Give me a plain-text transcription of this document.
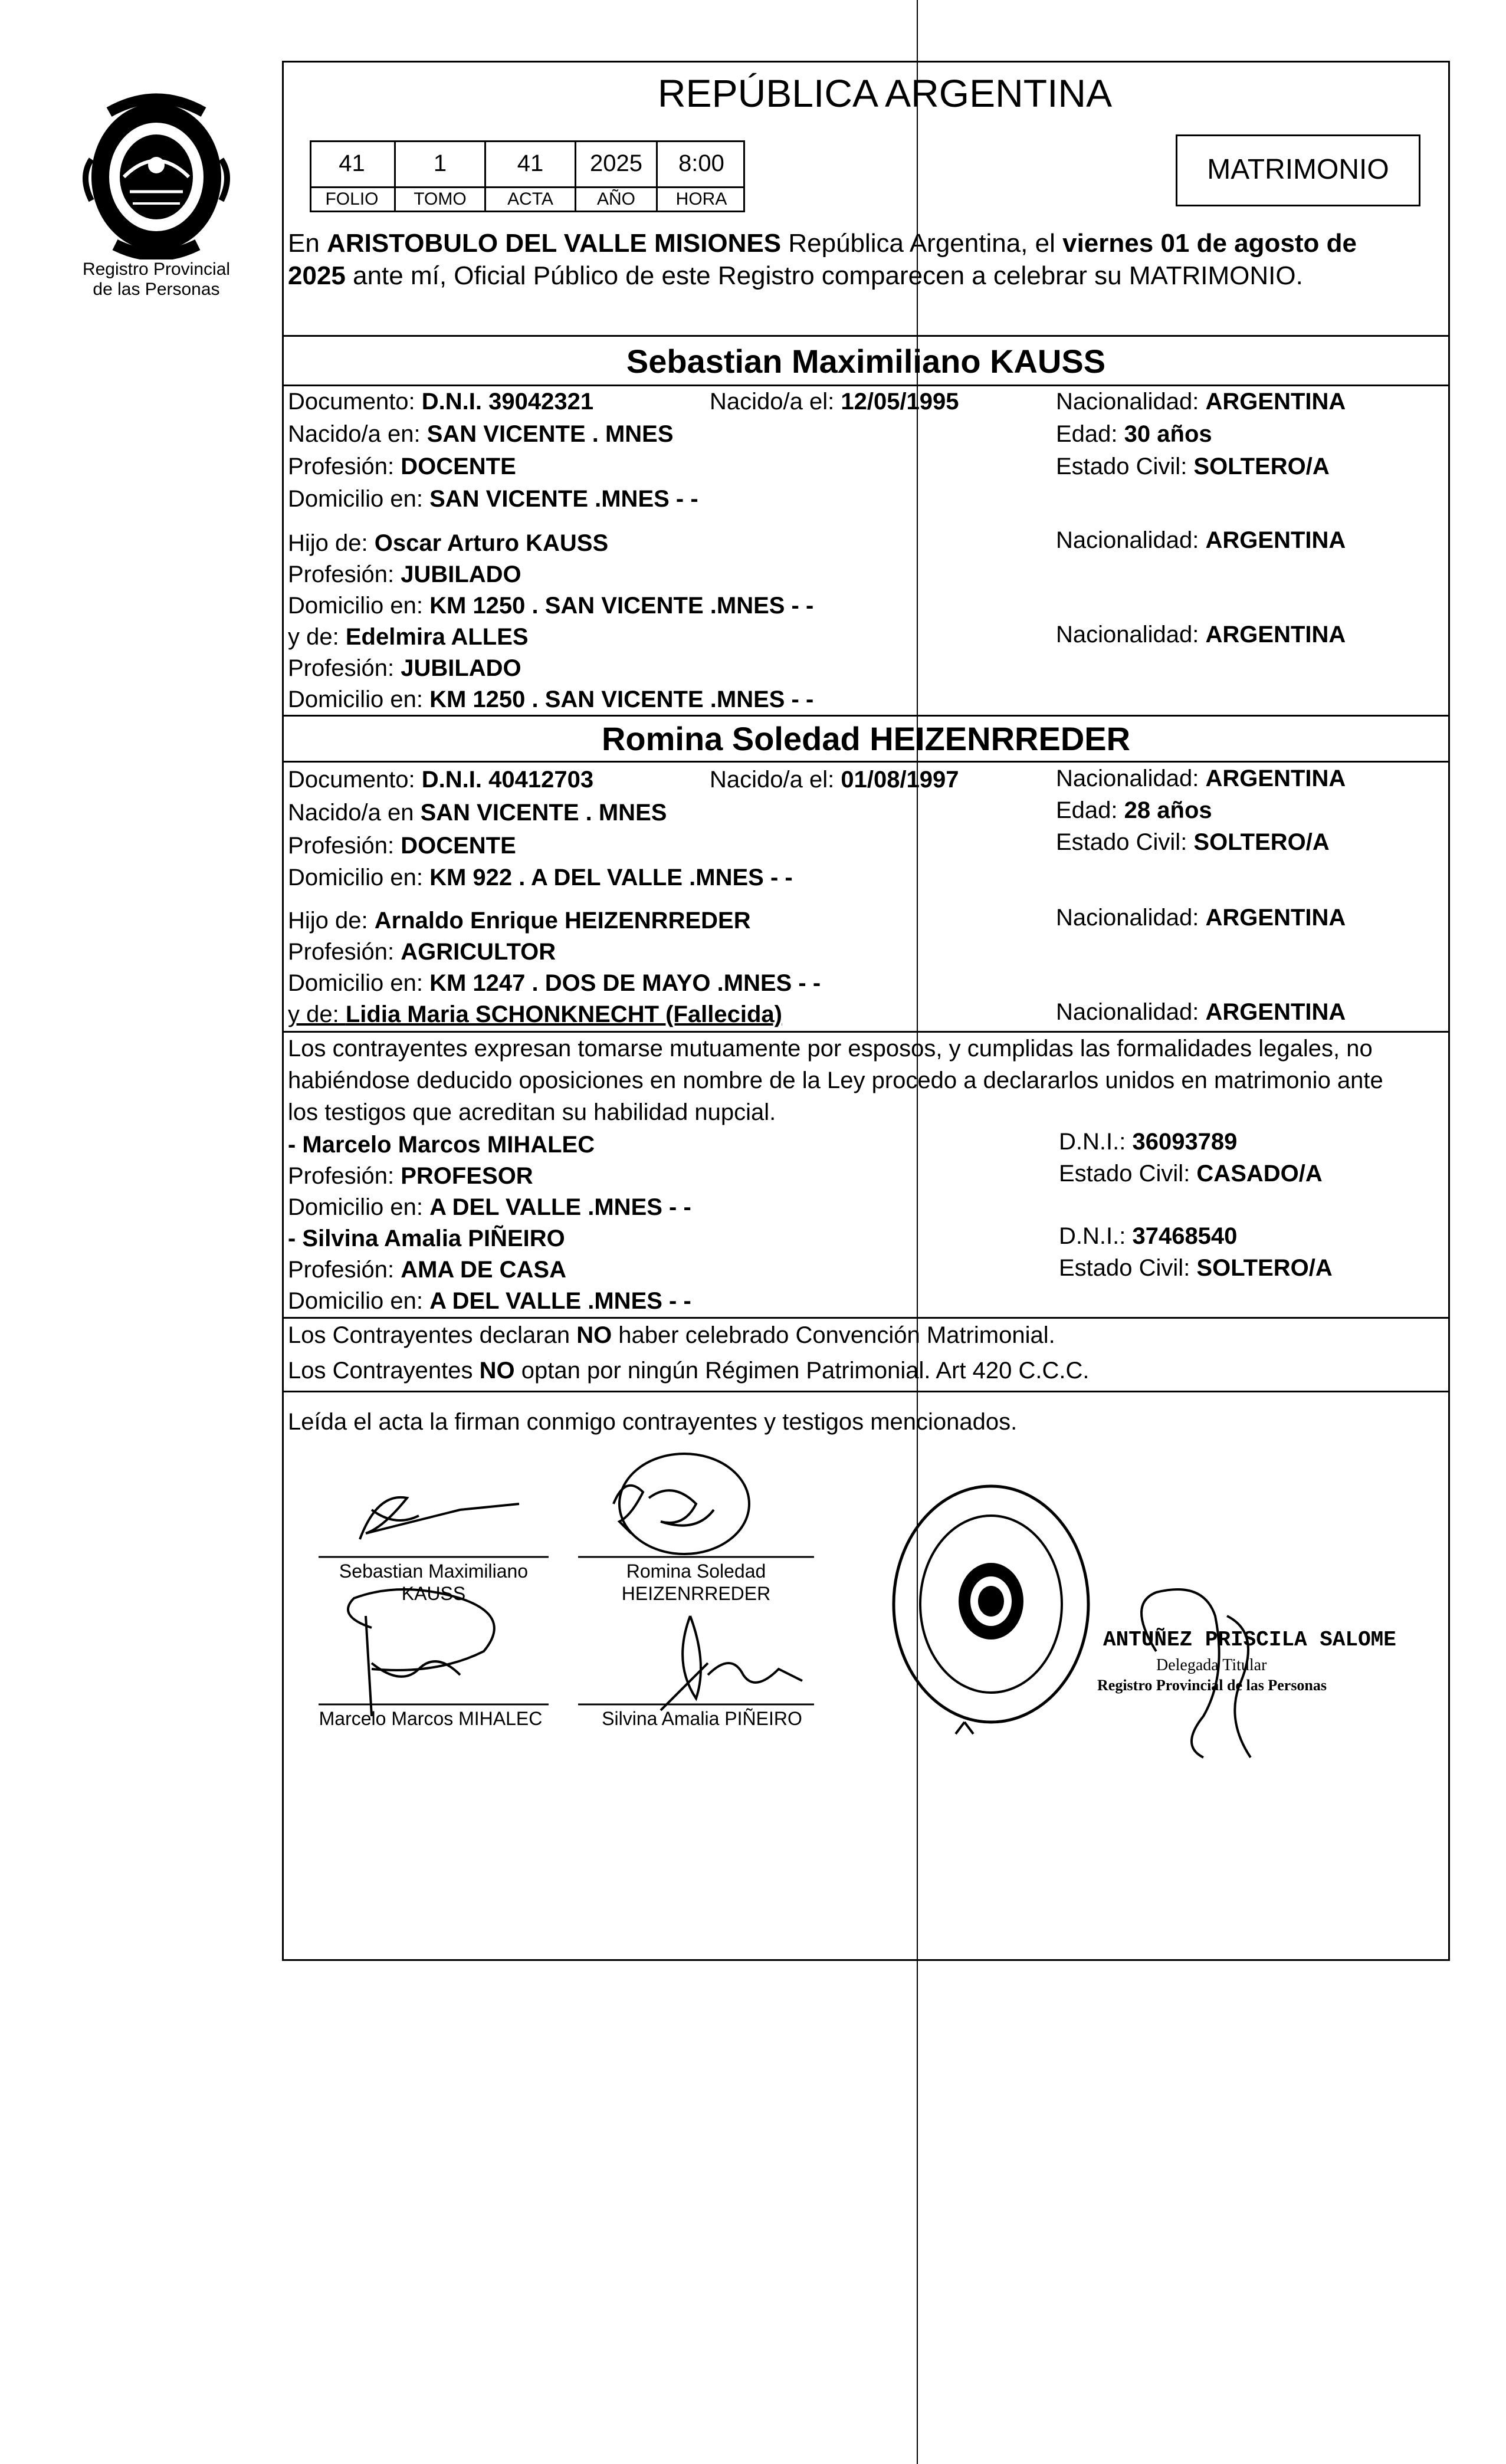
Registro Provincial
de las Personas
REPÚBLICA ARGENTINA
41	1	41	2025	8:00
FOLIO	TOMO	ACTA	AÑO	HORA
MATRIMONIO
En ARISTOBULO DEL VALLE MISIONES República Argentina, el viernes 01 de agosto de
2025 ante mí, Oficial Público de este Registro comparecen a celebrar su MATRIMONIO.
Sebastian Maximiliano KAUSS
Documento: D.N.I. 39042321	Nacido/a el: 12/05/1995	Nacionalidad: ARGENTINA
Nacido/a en: SAN VICENTE . MNES	Edad: 30 años
Profesión: DOCENTE	Estado Civil: SOLTERO/A
Domicilio en: SAN VICENTE .MNES - -
Hijo de: Oscar Arturo KAUSS	Nacionalidad: ARGENTINA
Profesión: JUBILADO
Domicilio en: KM 1250 . SAN VICENTE .MNES - -
y de: Edelmira ALLES	Nacionalidad: ARGENTINA
Profesión: JUBILADO
Domicilio en: KM 1250 . SAN VICENTE .MNES - -
Romina Soledad HEIZENRREDER
Documento: D.N.I. 40412703	Nacido/a el: 01/08/1997	Nacionalidad: ARGENTINA
Nacido/a en SAN VICENTE . MNES	Edad: 28 años
Profesión: DOCENTE	Estado Civil: SOLTERO/A
Domicilio en: KM 922 . A DEL VALLE .MNES - -
Hijo de: Arnaldo Enrique HEIZENRREDER	Nacionalidad: ARGENTINA
Profesión: AGRICULTOR
Domicilio en: KM 1247 . DOS DE MAYO .MNES - -
y de: Lidia Maria SCHONKNECHT (Fallecida)	Nacionalidad: ARGENTINA
Los contrayentes expresan tomarse mutuamente por esposos, y cumplidas las formalidades legales, no
habiéndose deducido oposiciones en nombre de la Ley procedo a declararlos unidos en matrimonio ante
los testigos que acreditan su habilidad nupcial.
- Marcelo Marcos MIHALEC	D.N.I.: 36093789
Profesión: PROFESOR	Estado Civil: CASADO/A
Domicilio en: A DEL VALLE .MNES - -
- Silvina Amalia PIÑEIRO	D.N.I.: 37468540
Profesión: AMA DE CASA	Estado Civil: SOLTERO/A
Domicilio en: A DEL VALLE .MNES - -
Los Contrayentes declaran NO haber celebrado Convención Matrimonial.
Los Contrayentes NO optan por ningún Régimen Patrimonial. Art 420 C.C.C.
Leída el acta la firman conmigo contrayentes y testigos mencionados.
Sebastian Maximiliano
KAUSS
Romina Soledad
HEIZENRREDER
Marcelo Marcos MIHALEC	Silvina Amalia PIÑEIRO
ANTUÑEZ PRISCILA SALOME
Delegada Titular
Registro Provincial de las Personas
